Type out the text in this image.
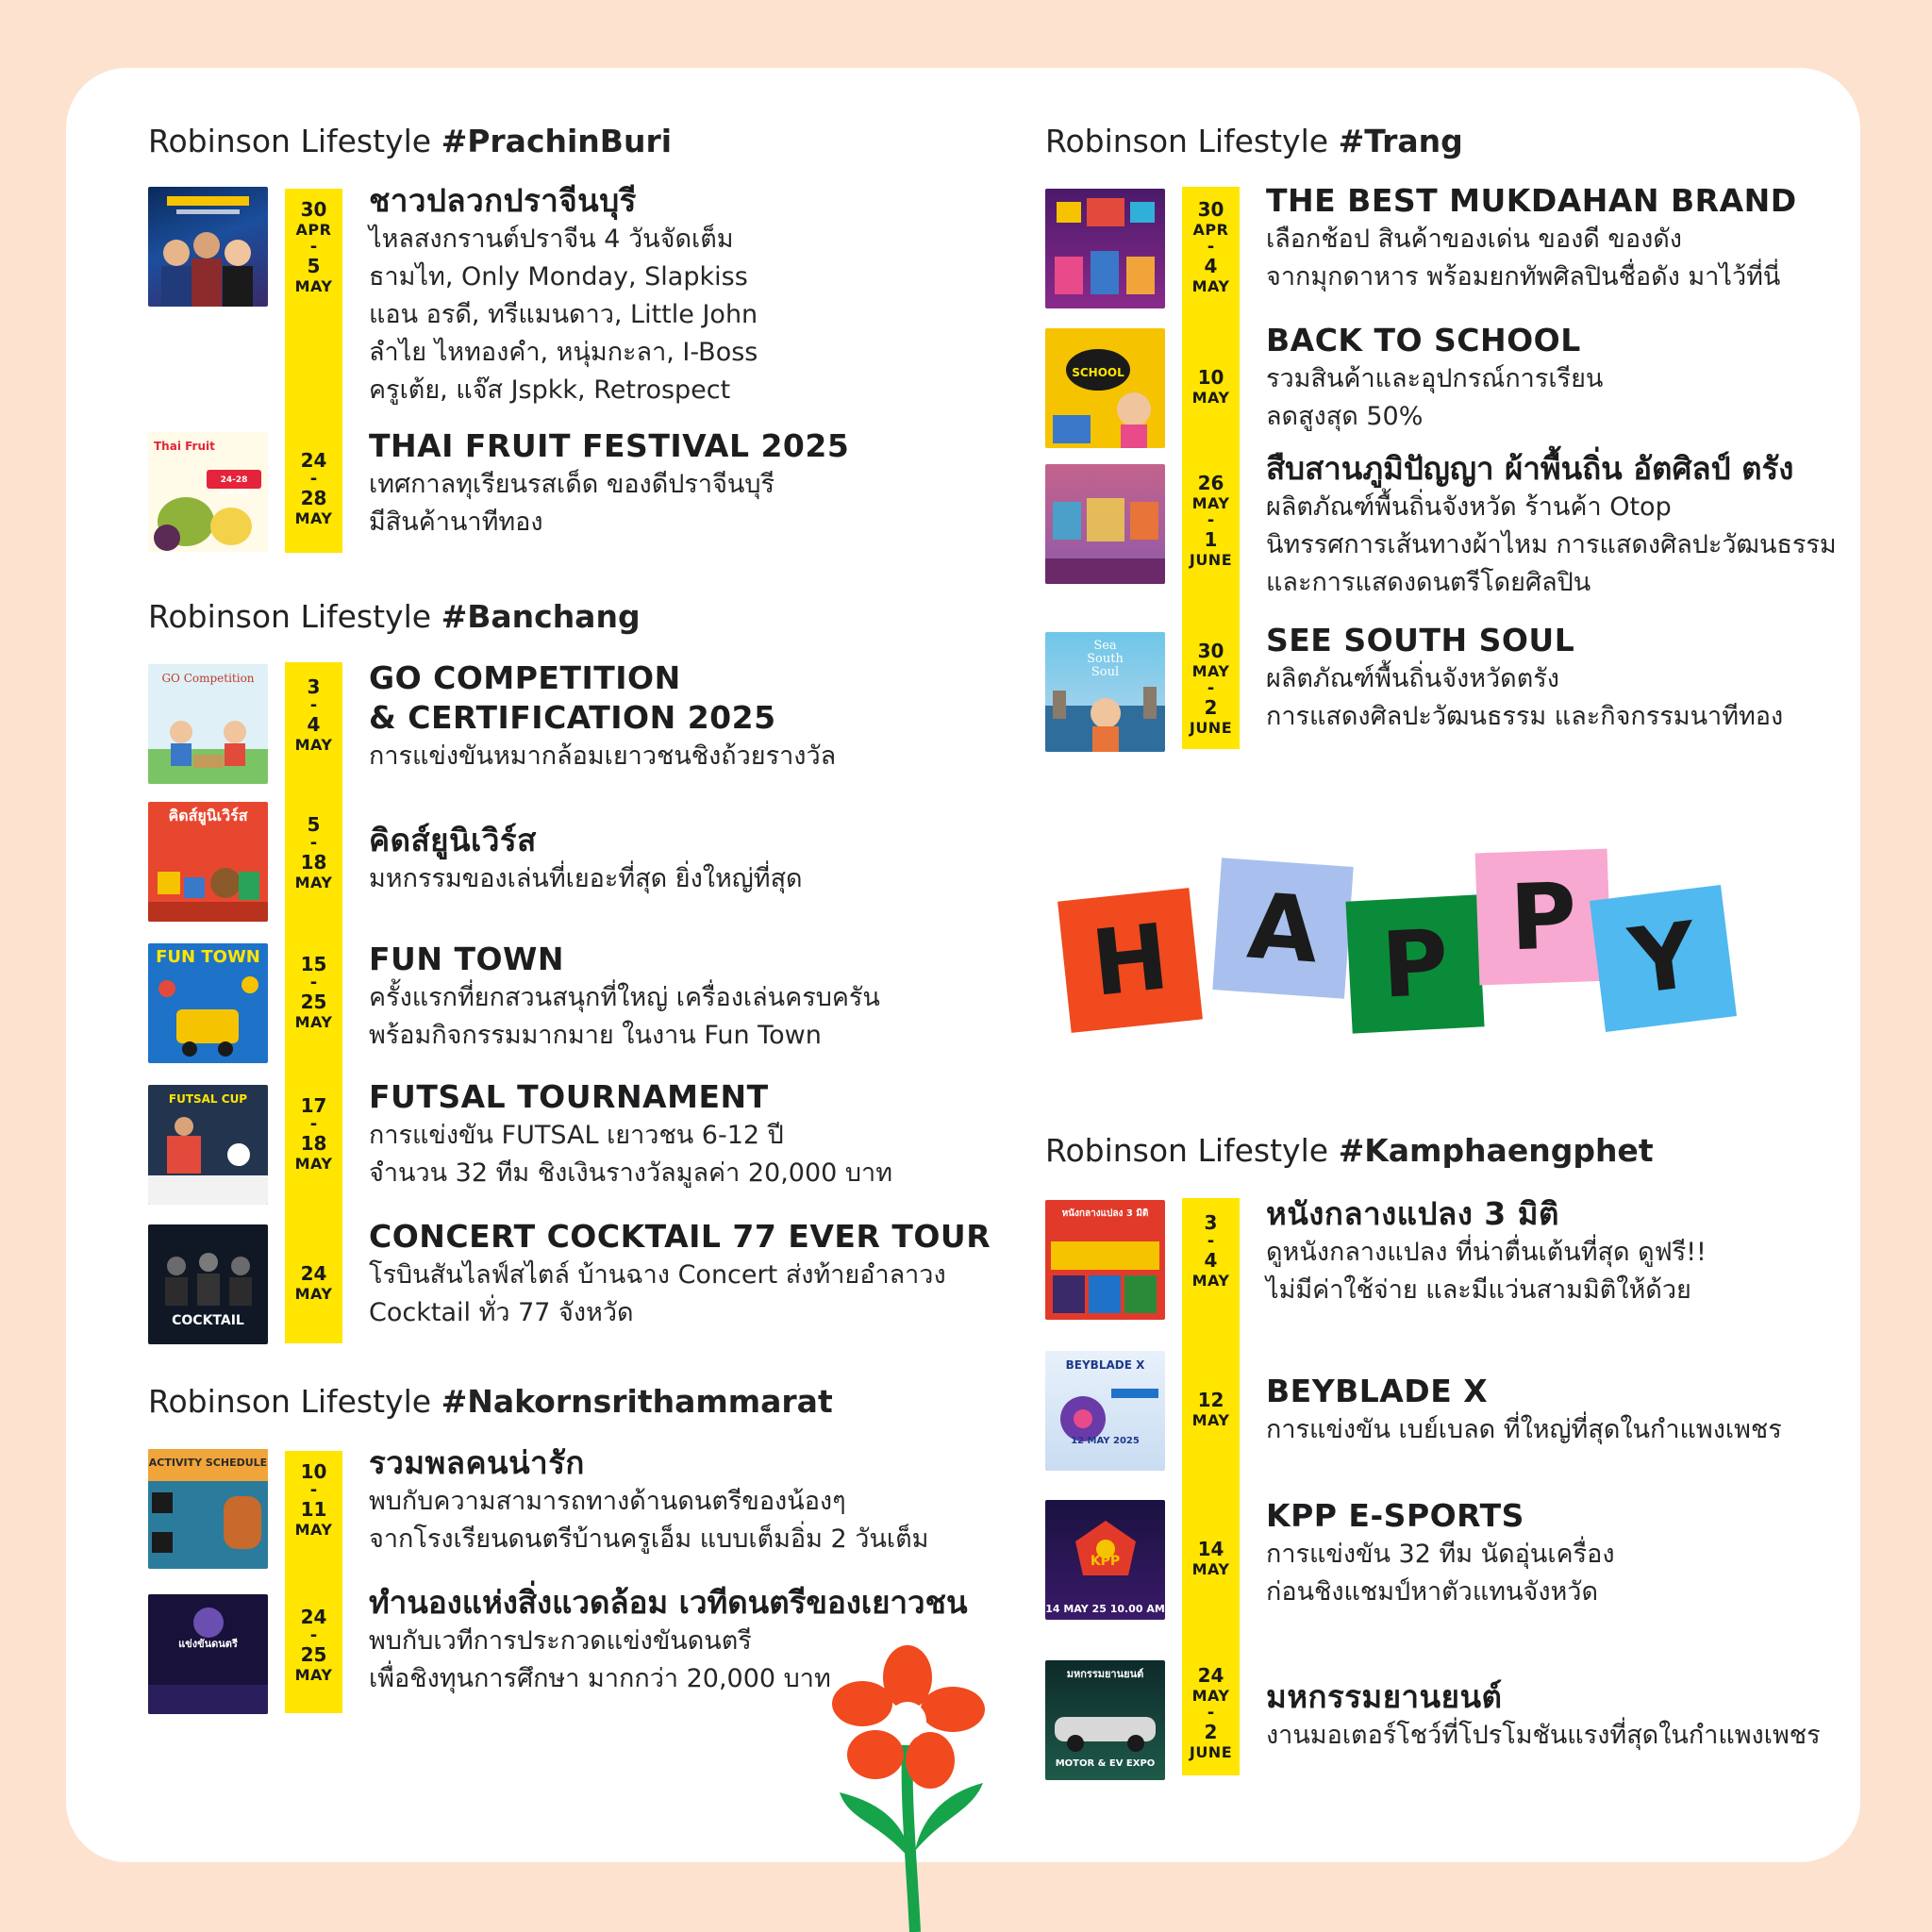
Robinson Lifestyle #PrachinBuri
30
APR
-
5
MAY
ชาวปลวกปราจีนบุรี
ไหลสงกรานต์ปราจีน 4 วันจัดเต็ม
ธามไท, Only Monday, Slapkiss
แอน อรดี, ทรีแมนดาว, Little John
ลำไย ไหทองคำ, หนุ่มกะลา, I-Boss
ครูเต้ย, แจ๊ส Jspkk, Retrospect
Thai Fruit
24-28 พ.ค.68
24
-
28
MAY
THAI FRUIT FESTIVAL 2025
เทศกาลทุเรียนรสเด็ด ของดีปราจีนบุรี
มีสินค้านาทีทอง
Robinson Lifestyle #Banchang
GO Competition	3
-
4
MAY
GO COMPETITION
& CERTIFICATION 2025
การแข่งขันหมากล้อมเยาวชนชิงถ้วยรางวัล
คิดส์ยูนิเวิร์ส	5
-
18
MAY
คิดส์ยูนิเวิร์ส
มหกรรมของเล่นที่เยอะที่สุด ยิ่งใหญ่ที่สุด
FUN TOWN	15
-
25
MAY
FUN TOWN
ครั้งแรกที่ยกสวนสนุกที่ใหญ่ เครื่องเล่นครบครัน
พร้อมกิจกรรมมากมาย ในงาน Fun Town
FUTSAL CUP	17
-
18
MAY
FUTSAL TOURNAMENT
การแข่งขัน FUTSAL เยาวชน 6-12 ปี
จำนวน 32 ทีม ชิงเงินรางวัลมูลค่า 20,000 บาท
COCKTAIL
24
MAY
CONCERT COCKTAIL 77 EVER TOUR
โรบินสันไลฟ์สไตล์ บ้านฉาง Concert ส่งท้ายอำลาวง
Cocktail ทั่ว 77 จังหวัด
Robinson Lifestyle #Nakornsrithammarat
ACTIVITY SCHEDULE	10
-
11
MAY
รวมพลคนน่ารัก
พบกับความสามารถทางด้านดนตรีของน้องๆ
จากโรงเรียนดนตรีบ้านครูเอ็ม แบบเต็มอิ่ม 2 วันเต็ม
แข่งขันดนตรี
24
-
25
MAY
ทำนองแห่งสิ่งแวดล้อม เวทีดนตรีของเยาวชน
พบกับเวทีการประกวดแข่งขันดนตรี
เพื่อชิงทุนการศึกษา มากกว่า 20,000 บาท
Robinson Lifestyle #Trang
30
APR
-
4
MAY
THE BEST MUKDAHAN BRAND
เลือกช้อป สินค้าของเด่น ของดี ของดัง
จากมุกดาหาร พร้อมยกทัพศิลปินชื่อดัง มาไว้ที่นี่
SCHOOL	10
MAY
BACK TO SCHOOL
รวมสินค้าและอุปกรณ์การเรียน
ลดสูงสุด 50%
26
MAY
-
1
JUNE
สืบสานภูมิปัญญา ผ้าพื้นถิ่น อัตศิลป์ ตรัง
ผลิตภัณฑ์พื้นถิ่นจังหวัด ร้านค้า Otop
นิทรรศการเส้นทางผ้าไหม การแสดงศิลปะวัฒนธรรม
และการแสดงดนตรีโดยศิลปิน
Sea South Soul
30
MAY
-
2
JUNE
SEE SOUTH SOUL
ผลิตภัณฑ์พื้นถิ่นจังหวัดตรัง
การแสดงศิลปะวัฒนธรรม และกิจกรรมนาทีทอง
Robinson Lifestyle #Kamphaengphet
หนังกลางแปลง 3 มิติ	3
-
4
MAY
หนังกลางแปลง 3 มิติ
ดูหนังกลางแปลง ที่น่าตื่นเต้นที่สุด ดูฟรี!!
ไม่มีค่าใช้จ่าย และมีแว่นสามมิติให้ด้วย
BEYBLADE X
12 MAY 2025
12
MAY
BEYBLADE X
การแข่งขัน เบย์เบลด ที่ใหญ่ที่สุดในกำแพงเพชร
KPP
14 MAY 25 10.00 AM
14
MAY
KPP E-SPORTS
การแข่งขัน 32 ทีม นัดอุ่นเครื่อง
ก่อนชิงแชมป์หาตัวแทนจังหวัด
มหกรรมยานยนต์
MOTOR & EV EXPO
24
MAY
-
2
JUNE
มหกรรมยานยนต์
งานมอเตอร์โชว์ที่โปรโมชันแรงที่สุดในกำแพงเพชร
H A P P Y
